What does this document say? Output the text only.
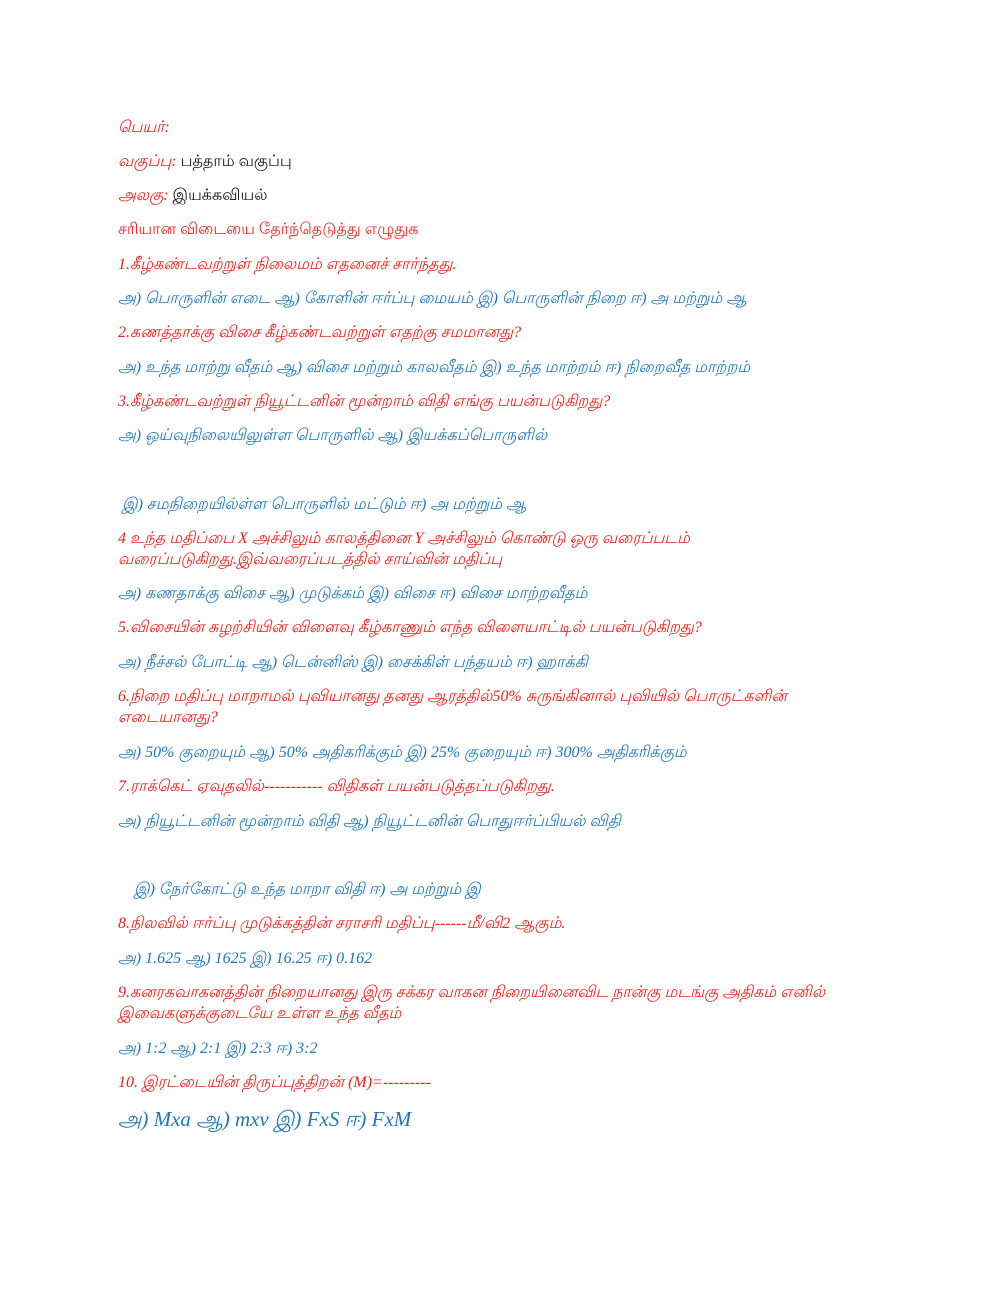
பெயர்:
வகுப்பு: பத்தாம் வகுப்பு
அலகு: இயக்கவியல்
சரியான விடையை தேர்ந்தெடுத்து எழுதுக
1.கீழ்கண்டவற்றுள் நிலைமம் எதனைச் சார்ந்தது.
அ) பொருளின் எடை ஆ) கோளின் ஈர்ப்பு மையம் இ) பொருளின் நிறை ஈ) அ மற்றும் ஆ
2.கணத்தாக்கு விசை கீழ்கண்டவற்றுள் எதற்கு சமமானது?
அ) உந்த மாற்று வீதம் ஆ) விசை மற்றும் காலவீதம் இ) உந்த மாற்றம் ஈ) நிறைவீத மாற்றம்
3.கீழ்கண்டவற்றுள் நியூட்டனின் மூன்றாம் விதி எங்கு பயன்படுகிறது?
அ) ஒய்வுநிலையிலுள்ள பொருளில் ஆ) இயக்கப்பொருளில்
இ) சமநிறையில்ள்ள பொருளில் மட்டும் ஈ) அ மற்றும் ஆ
4 உந்த மதிப்பை X அச்சிலும் காலத்தினை Y அச்சிலும் கொண்டு ஒரு வரைப்படம்
வரைப்படுகிறது.இவ்வரைப்படத்தில் சாய்வின் மதிப்பு
அ) கணதாக்கு விசை ஆ) முடுக்கம் இ) விசை ஈ) விசை மாற்றவீதம்
5.விசையின் சுழற்சியின் விளைவு கீழ்காணும் எந்த விளையாட்டில் பயன்படுகிறது?
அ) நீச்சல் போட்டி ஆ) டென்னிஸ் இ) சைக்கிள் பந்தயம் ஈ) ஹாக்கி
6.நிறை மதிப்பு மாறாமல் புவியானது தனது ஆரத்தில்50% சுருங்கினால் புவியில் பொருட்களின்
எடையானது?
அ) 50% குறையும் ஆ) 50% அதிகரிக்கும் இ) 25% குறையும் ஈ) 300% அதிகரிக்கும்
7.ராக்கெட் ஏவுதலில்----------- விதிகள் பயன்படுத்தப்படுகிறது.
அ) நியூட்டனின் மூன்றாம் விதி ஆ) நியூட்டனின் பொதுஈர்ப்பியல் விதி
இ) நேர்கோட்டு உந்த மாறா விதி ஈ) அ மற்றும் இ
8.நிலவில் ஈர்ப்பு முடுக்கத்தின் சராசரி மதிப்பு------மீ/வி2 ஆகும்.
அ) 1.625 ஆ) 1625 இ) 16.25 ஈ) 0.162
9.கனரகவாகனத்தின் நிறையானது இரு சக்கர வாகன நிறையினைவிட நான்கு மடங்கு அதிகம் எனில்
இவைகளுக்குடையே உள்ள உந்த வீதம்
அ) 1:2 ஆ) 2:1 இ) 2:3 ஈ) 3:2
10. இரட்டையின் திருப்புத்திறன் (M)=---------
அ) Mxa ஆ) mxv இ) FxS ஈ) FxM
